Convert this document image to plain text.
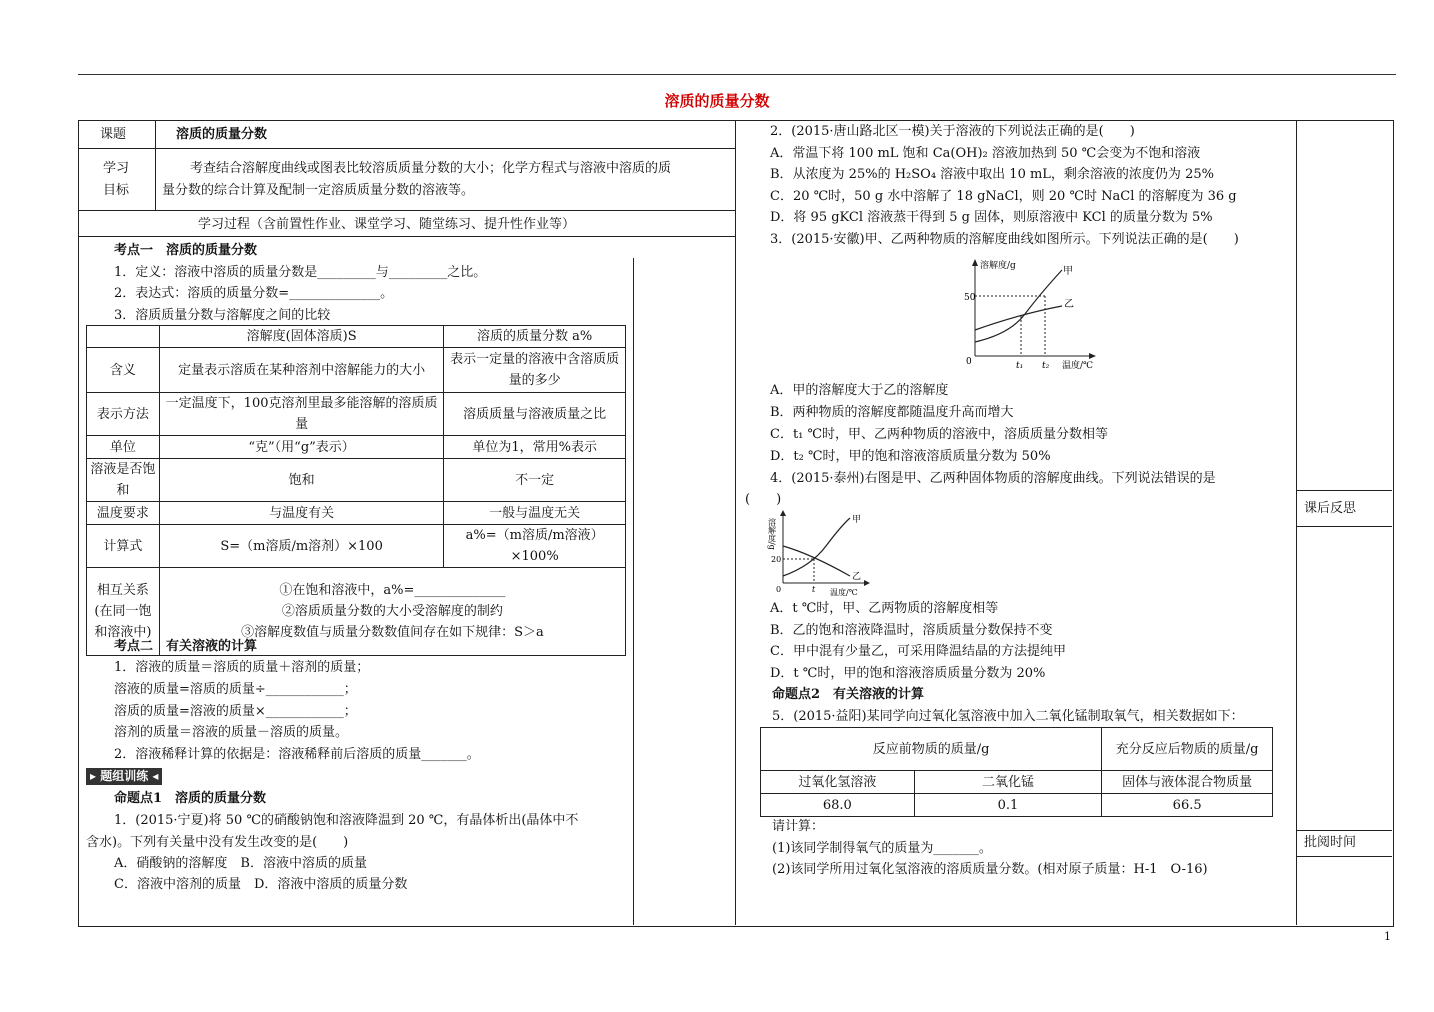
溶质的质量分数
课题	溶质的质量分数
学习
目标
考查结合溶解度曲线或图表比较溶质质量分数的大小；化学方程式与溶液中溶质的质
量分数的综合计算及配制一定溶质质量分数的溶液等。
学习过程（含前置性作业、课堂学习、随堂练习、提升性作业等）
考点一　溶质的质量分数
1．定义：溶液中溶质的质量分数是_________与_________之比。
2．表达式：溶质的质量分数=______________。
3．溶质质量分数与溶解度之间的比较
	溶解度(固体溶质)S	溶质的质量分数 a%
含义	定量表示溶质在某种溶剂中溶解能力的大小	表示一定量的溶液中含溶质质量的多少
表示方法	一定温度下，100克溶剂里最多能溶解的溶质质量	溶质质量与溶液质量之比
单位	“克”（用“g”表示）	单位为1，常用%表示
溶液是否饱和	饱和	不一定
温度要求	与温度有关	一般与温度无关
计算式	S=（m溶质/m溶剂）×100	a%=（m溶质/m溶液）×100%
相互关系(在同一饱和溶液中)	①在饱和溶液中，a%=______________
②溶质质量分数的大小受溶解度的制约
③溶解度数值与质量分数数值间存在如下规律：S＞a	
考点二　有关溶液的计算
1．溶液的质量＝溶质的质量＋溶剂的质量；
溶液的质量=溶质的质量÷____________；
溶质的质量=溶液的质量×____________；
溶剂的质量＝溶液的质量－溶质的质量。
2．溶液稀释计算的依据是：溶液稀释前后溶质的质量_______。
▸ 题组训练 ◂
命题点1　溶质的质量分数
1．(2015·宁夏)将 50 ℃的硝酸钠饱和溶液降温到 20 ℃，有晶体析出(晶体中不
含水)。下列有关量中没有发生改变的是(　　)
A．硝酸钠的溶解度　B．溶液中溶质的质量
C．溶液中溶剂的质量　D．溶液中溶质的质量分数
2．(2015·唐山路北区一模)关于溶液的下列说法正确的是(　　)
A．常温下将 100 mL 饱和 Ca(OH)₂ 溶液加热到 50 ℃会变为不饱和溶液
B．从浓度为 25%的 H₂SO₄ 溶液中取出 10 mL，剩余溶液的浓度仍为 25%
C．20 ℃时，50 g 水中溶解了 18 gNaCl，则 20 ℃时 NaCl 的溶解度为 36 g
D．将 95 gKCl 溶液蒸干得到 5 g 固体，则原溶液中 KCl 的质量分数为 5%
3．(2015·安徽)甲、乙两种物质的溶解度曲线如图所示。下列说法正确的是(　　)
溶解度/g
温度/℃
50
0	t₁ t₂
甲
乙
A．甲的溶解度大于乙的溶解度
B．两种物质的溶解度都随温度升高而增大
C．t₁ ℃时，甲、乙两种物质的溶液中，溶质质量分数相等
D．t₂ ℃时，甲的饱和溶液溶质质量分数为 50%
4．(2015·泰州)右图是甲、乙两种固体物质的溶解度曲线。下列说法错误的是
(　　)
溶解度/g
温度/℃
20
0	t
甲
乙
A．t ℃时，甲、乙两物质的溶解度相等
B．乙的饱和溶液降温时，溶质质量分数保持不变
C．甲中混有少量乙，可采用降温结晶的方法提纯甲
D．t ℃时，甲的饱和溶液溶质质量分数为 20%
命题点2　有关溶液的计算
5．(2015·益阳)某同学向过氧化氢溶液中加入二氧化锰制取氧气，相关数据如下：
反应前物质的质量/g		充分反应后物质的质量/g
过氧化氢溶液	二氧化锰	固体与液体混合物质量
68.0	0.1	66.5
请计算：
(1)该同学制得氧气的质量为_______。
(2)该同学所用过氧化氢溶液的溶质质量分数。(相对原子质量：H-1　O-16)
课后反思
批阅时间
1
